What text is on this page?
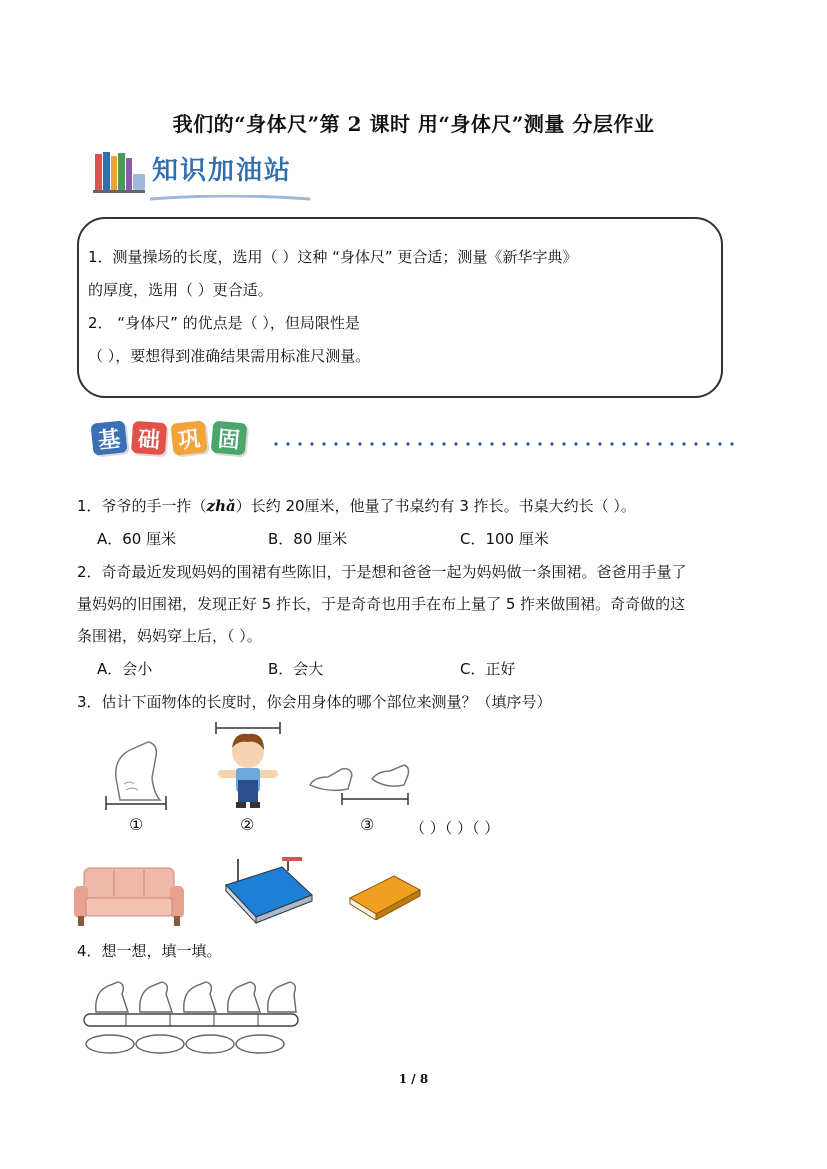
我们的“身体尺”第 2 课时 用“身体尺”测量 分层作业
知识加油站
1．测量操场的长度，选用（ ）这种 “身体尺” 更合适；测量《新华字典》
的厚度，选用（ ）更合适。
2． “身体尺” 的优点是（ ），但局限性是
（ ），要想得到准确结果需用标准尺测量。
基 础 巩 固
1．爷爷的手一拃（zhǎ）长约 20厘米，他量了书桌约有 3 拃长。书桌大约长（ ）。
A．60 厘米	B．80 厘米	C．100 厘米
2．奇奇最近发现妈妈的围裙有些陈旧，于是想和爸爸一起为妈妈做一条围裙。爸爸用手量了
量妈妈的旧围裙，发现正好 5 拃长，于是奇奇也用手在布上量了 5 拃来做围裙。奇奇做的这
条围裙，妈妈穿上后，（ ）。
A．会小	B．会大	C．正好
3．估计下面物体的长度时，你会用身体的哪个部位来测量？（填序号）
①	②	③ （ ）（ ）（ ）
4．想一想，填一填。
1 / 8
